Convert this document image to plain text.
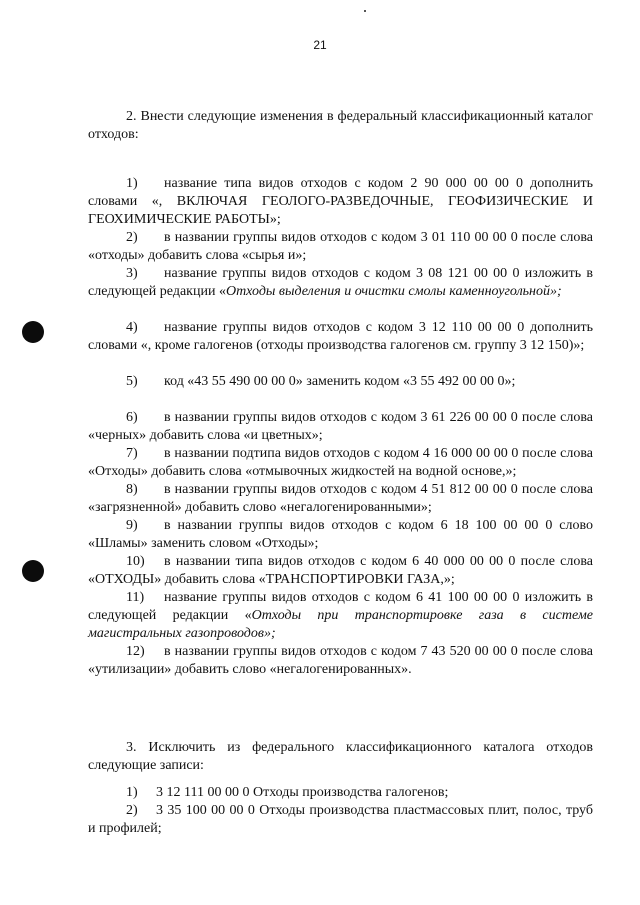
21

2. Внести следующие изменения в федеральный классификационный каталог отходов:

1) название типа видов отходов с кодом 2 90 000 00 00 0 дополнить словами «, ВКЛЮЧАЯ ГЕОЛОГО-РАЗВЕДОЧНЫЕ, ГЕОФИЗИЧЕСКИЕ И ГЕОХИМИЧЕСКИЕ РАБОТЫ»;

2) в названии группы видов отходов с кодом 3 01 110 00 00 0 после слова «отходы» добавить слова «сырья и»;

3) название группы видов отходов с кодом 3 08 121 00 00 0 изложить в следующей редакции «Отходы выделения и очистки смолы каменноугольной»;

4) название группы видов отходов с кодом 3 12 110 00 00 0 дополнить словами «, кроме галогенов (отходы производства галогенов см. группу 3 12 150)»;

5) код «43 55 490 00 00 0» заменить кодом «3 55 492 00 00 0»;

6) в названии группы видов отходов с кодом 3 61 226 00 00 0 после слова «черных» добавить слова «и цветных»;

7) в названии подтипа видов отходов с кодом 4 16 000 00 00 0 после слова «Отходы» добавить слова «отмывочных жидкостей на водной основе,»;

8) в названии группы видов отходов с кодом 4 51 812 00 00 0 после слова «загрязненной» добавить слово «негалогенированными»;

9) в названии группы видов отходов с кодом 6 18 100 00 00 0 слово «Шламы» заменить словом «Отходы»;

10) в названии типа видов отходов с кодом 6 40 000 00 00 0 после слова «ОТХОДЫ» добавить слова «ТРАНСПОРТИРОВКИ ГАЗА,»;

11) название группы видов отходов с кодом 6 41 100 00 00 0 изложить в следующей редакции «Отходы при транспортировке газа в системе магистральных газопроводов»;

12) в названии группы видов отходов с кодом 7 43 520 00 00 0 после слова «утилизации» добавить слово «негалогенированных».

3. Исключить из федерального классификационного каталога отходов следующие записи:

1) 3 12 111 00 00 0 Отходы производства галогенов;

2) 3 35 100 00 00 0 Отходы производства пластмассовых плит, полос, труб и профилей;
